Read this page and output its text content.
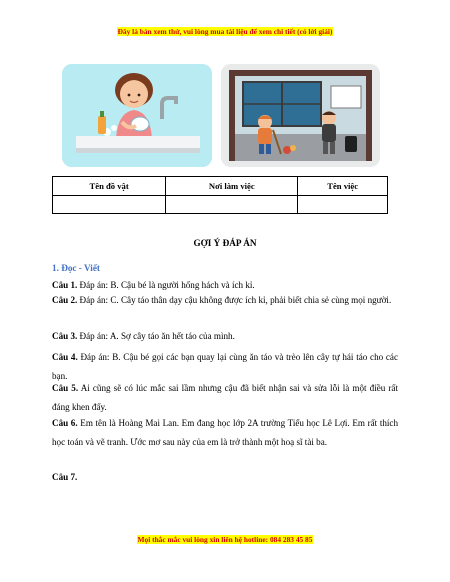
Đây là bản xem thử, vui lòng mua tài liệu để xem chi tiết (có lời giải)
Tên đồ vật	Nơi làm việc	Tên việc

GỢI Ý ĐÁP ÁN
1. Đọc - Viết
Câu 1. Đáp án: B. Cậu bé là người hống hách và ích kỉ.
Câu 2. Đáp án: C. Cây táo thân dạy cậu không được ích kỉ, phải biết chia sẻ cùng mọi người.
Câu 3. Đáp án: A. Sợ cây táo ăn hết táo của mình.
Câu 4. Đáp án: B. Cậu bé gọi các bạn quay lại cùng ăn táo và trèo lên cây tự hái táo cho các bạn.
Câu 5. Ai cũng sẽ có lúc mắc sai lầm nhưng cậu đã biết nhận sai và sửa lỗi là một điều rất đáng khen đấy.
Câu 6. Em tên là Hoàng Mai Lan. Em đang học lớp 2A trường Tiểu học Lê Lợi. Em rất thích học toán và vẽ tranh. Ước mơ sau này của em là trở thành một hoạ sĩ tài ba.
Câu 7.
Mọi thắc mắc vui lòng xin liên hệ hotline: 084 283 45 85
